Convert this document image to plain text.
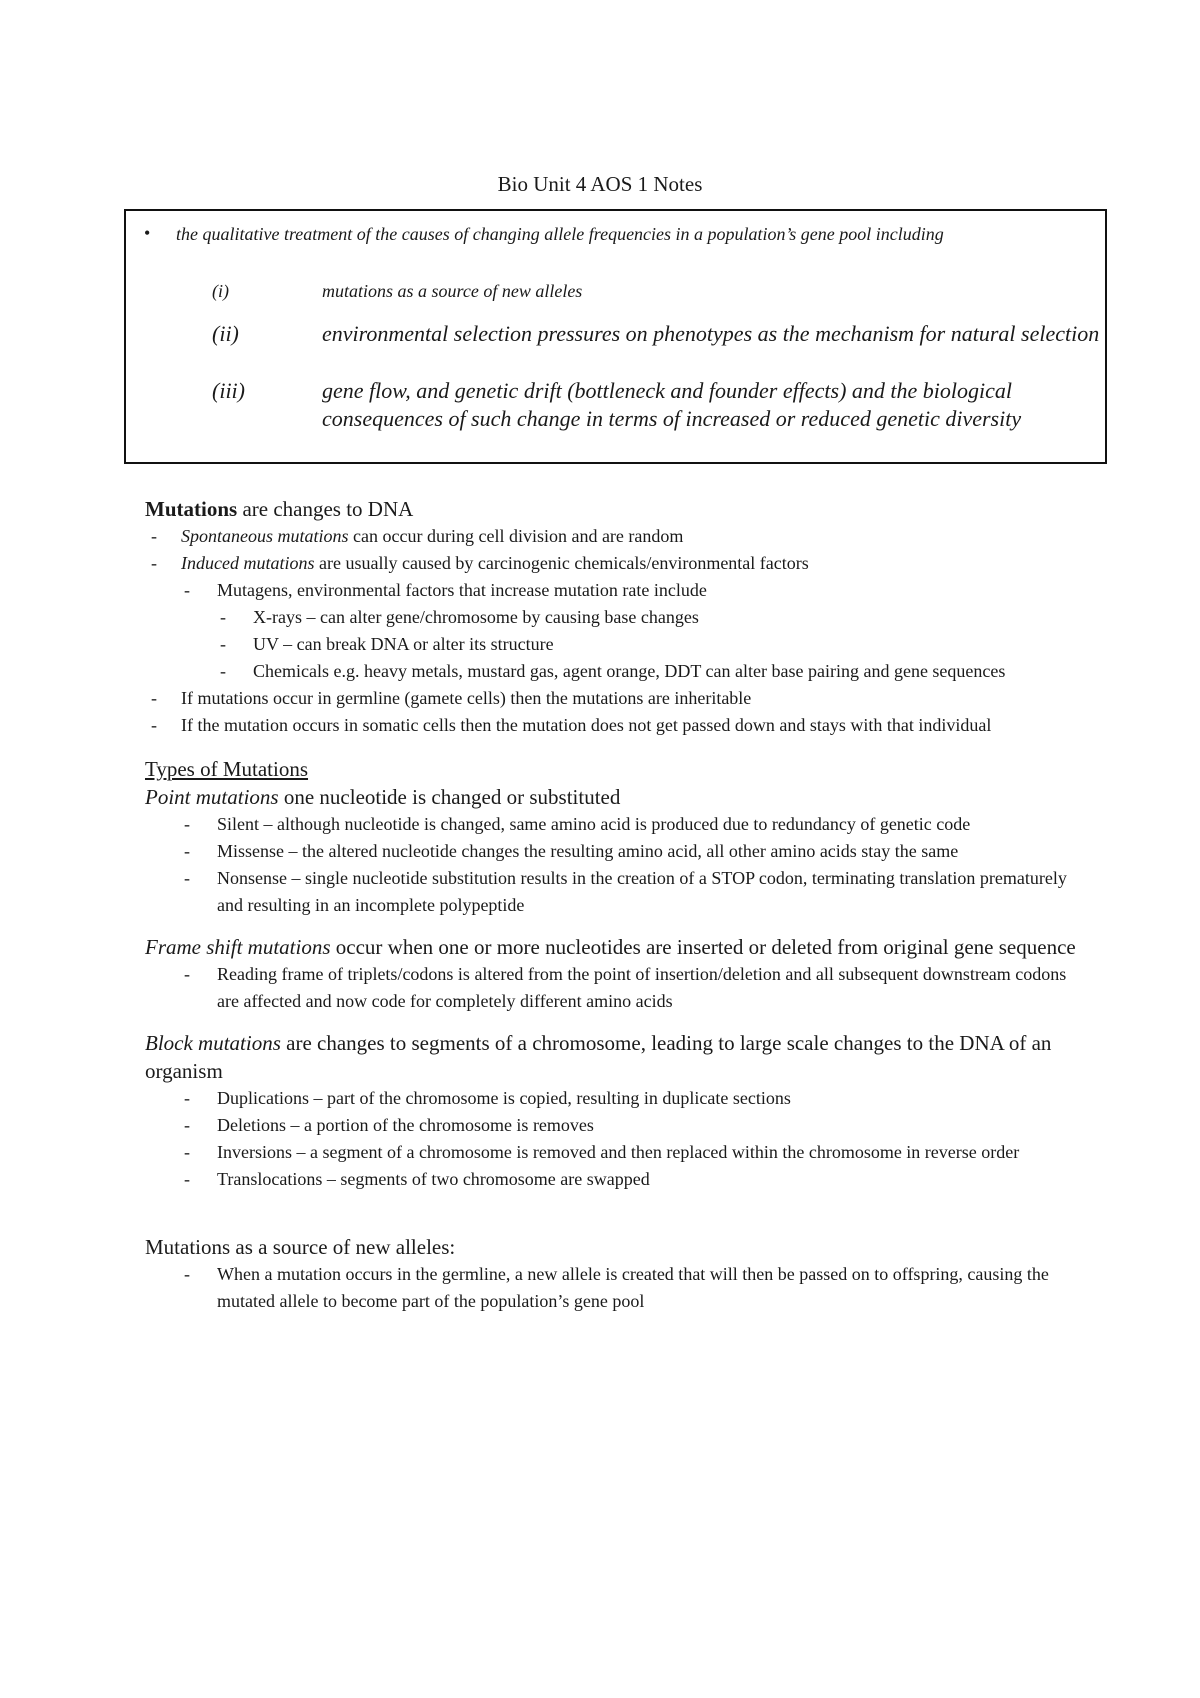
Bio Unit 4 AOS 1 Notes
• the qualitative treatment of the causes of changing allele frequencies in a population’s gene pool including
(i)	mutations as a source of new alleles
(ii)	environmental selection pressures on phenotypes as the mechanism for natural selection
(iii)	gene flow, and genetic drift (bottleneck and founder effects) and the biological consequences of such change in terms of increased or reduced genetic diversity

Mutations are changes to DNA

- Spontaneous mutations can occur during cell division and are random
- Induced mutations are usually caused by carcinogenic chemicals/environmental factors
- Mutagens, environmental factors that increase mutation rate include
- X-rays – can alter gene/chromosome by causing base changes
- UV – can break DNA or alter its structure
- Chemicals e.g. heavy metals, mustard gas, agent orange, DDT can alter base pairing and gene sequences
- If mutations occur in germline (gamete cells) then the mutations are inheritable
- If the mutation occurs in somatic cells then the mutation does not get passed down and stays with that individual

Types of Mutations

Point mutations one nucleotide is changed or substituted

- Silent – although nucleotide is changed, same amino acid is produced due to redundancy of genetic code
- Missense – the altered nucleotide changes the resulting amino acid, all other amino acids stay the same
- Nonsense – single nucleotide substitution results in the creation of a STOP codon, terminating translation prematurely and resulting in an incomplete polypeptide

Frame shift mutations occur when one or more nucleotides are inserted or deleted from original gene sequence

- Reading frame of triplets/codons is altered from the point of insertion/deletion and all subsequent downstream codons are affected and now code for completely different amino acids

Block mutations are changes to segments of a chromosome, leading to large scale changes to the DNA of an organism

- Duplications – part of the chromosome is copied, resulting in duplicate sections
- Deletions – a portion of the chromosome is removes
- Inversions – a segment of a chromosome is removed and then replaced within the chromosome in reverse order
- Translocations – segments of two chromosome are swapped

Mutations as a source of new alleles:

- When a mutation occurs in the germline, a new allele is created that will then be passed on to offspring, causing the mutated allele to become part of the population’s gene pool
